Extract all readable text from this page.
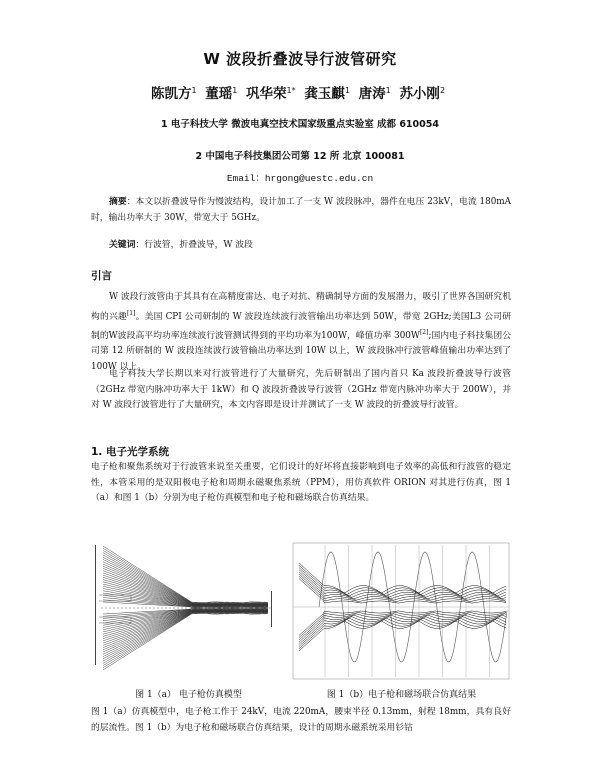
W 波段折叠波导行波管研究
陈凯方$^1$ 董瑶$^1$ 巩华荣$^{1*}$ 龚玉麒$^1$ 唐涛$^1$ 苏小刚$^2$
1 电子科技大学 微波电真空技术国家级重点实验室 成都 610054
2 中国电子科技集团公司第 12 所 北京 100081
Email：hrgong@uestc.edu.cn
摘要：本文以折叠波导作为慢波结构，设计加工了一支 W 波段脉冲，器件在电压 23kV，电流 180mA 时，输出功率大于 30W，带宽大于 5GHz。
关键词：行波管，折叠波导，W 波段
引言
W 波段行波管由于其具有在高精度雷达、电子对抗、精确制导方面的发展潜力，吸引了世界各国研究机构的兴趣[1]。美国 CPI 公司研制的 W 波段连续波行波管输出功率达到 50W，带宽 2GHz;美国L3 公司研制的W波段高平均功率连续波行波管测试得到的平均功率为100W，峰值功率 300W[2];国内电子科技集团公司第 12 所研制的 W 波段连续波行波管输出功率达到 10W 以上，W 波段脉冲行波管峰值输出功率达到了 100W 以上。
电子科技大学长期以来对行波管进行了大量研究，先后研制出了国内首只 Ka 波段折叠波导行波管（2GHz 带宽内脉冲功率大于 1kW）和 Q 波段折叠波导行波管（2GHz 带宽内脉冲功率大于 200W），并对 W 波段行波管进行了大量研究，本文内容即是设计并测试了一支 W 波段的折叠波导行波管。
1. 电子光学系统
电子枪和聚焦系统对于行波管来说至关重要，它们设计的好坏将直接影响到电子效率的高低和行波管的稳定性，本管采用的是双阳极电子枪和周期永磁聚焦系统（PPM），用仿真软件 ORION 对其进行仿真，图 1（a）和图 1（b）分别为电子枪仿真模型和电子枪和磁场联合仿真结果。
图 1（a） 电子枪仿真模型	图 1（b）电子枪和磁场联合仿真结果
图 1（a）仿真模型中，电子枪工作于 24kV，电流 220mA，腰束半径 0.13mm，射程 18mm，具有良好的层流性。图 1（b）为电子枪和磁场联合仿真结果，设计的周期永磁系统采用钐钴
